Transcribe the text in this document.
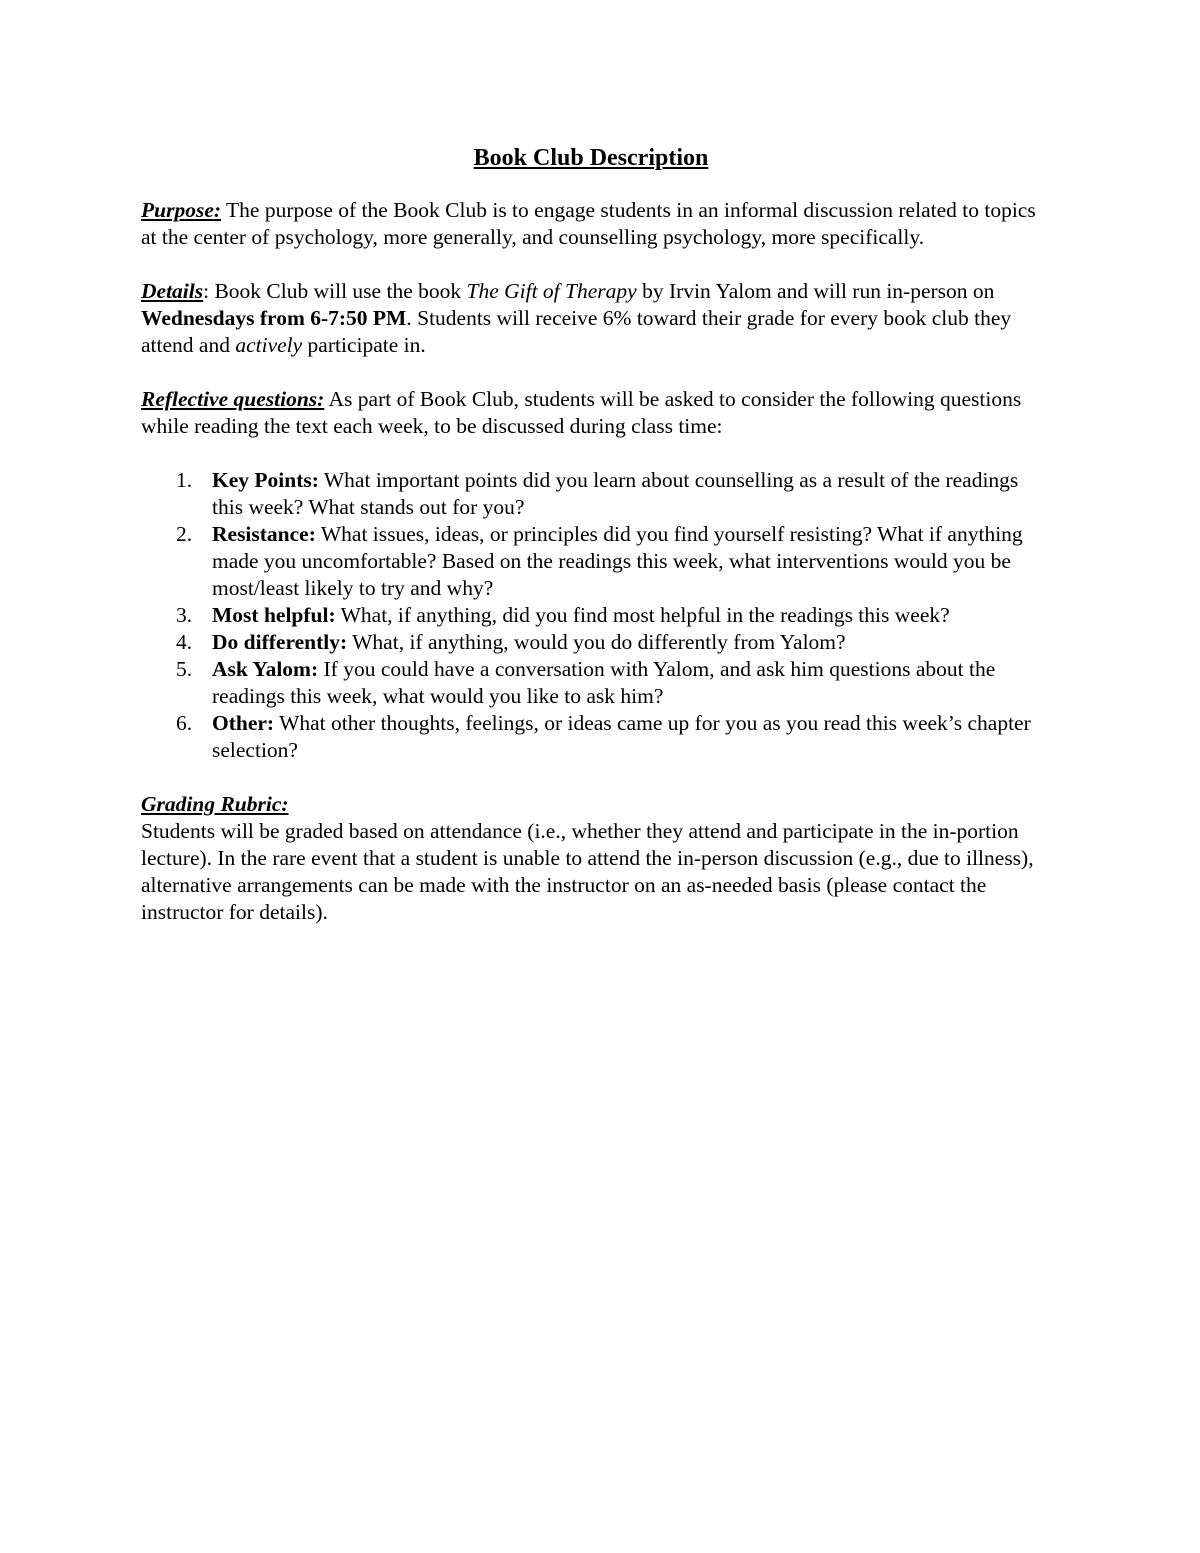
Book Club Description

Purpose: The purpose of the Book Club is to engage students in an informal discussion related to topics at the center of psychology, more generally, and counselling psychology, more specifically.

Details: Book Club will use the book The Gift of Therapy by Irvin Yalom and will run in-person on Wednesdays from 6-7:50 PM. Students will receive 6% toward their grade for every book club they attend and actively participate in.

Reflective questions: As part of Book Club, students will be asked to consider the following questions while reading the text each week, to be discussed during class time:

1. Key Points: What important points did you learn about counselling as a result of the readings this week? What stands out for you?
2. Resistance: What issues, ideas, or principles did you find yourself resisting? What if anything made you uncomfortable? Based on the readings this week, what interventions would you be most/least likely to try and why?
3. Most helpful: What, if anything, did you find most helpful in the readings this week?
4. Do differently: What, if anything, would you do differently from Yalom?
5. Ask Yalom: If you could have a conversation with Yalom, and ask him questions about the readings this week, what would you like to ask him?
6. Other: What other thoughts, feelings, or ideas came up for you as you read this week’s chapter selection?

Grading Rubric:
Students will be graded based on attendance (i.e., whether they attend and participate in the in-portion lecture). In the rare event that a student is unable to attend the in-person discussion (e.g., due to illness), alternative arrangements can be made with the instructor on an as-needed basis (please contact the instructor for details).
